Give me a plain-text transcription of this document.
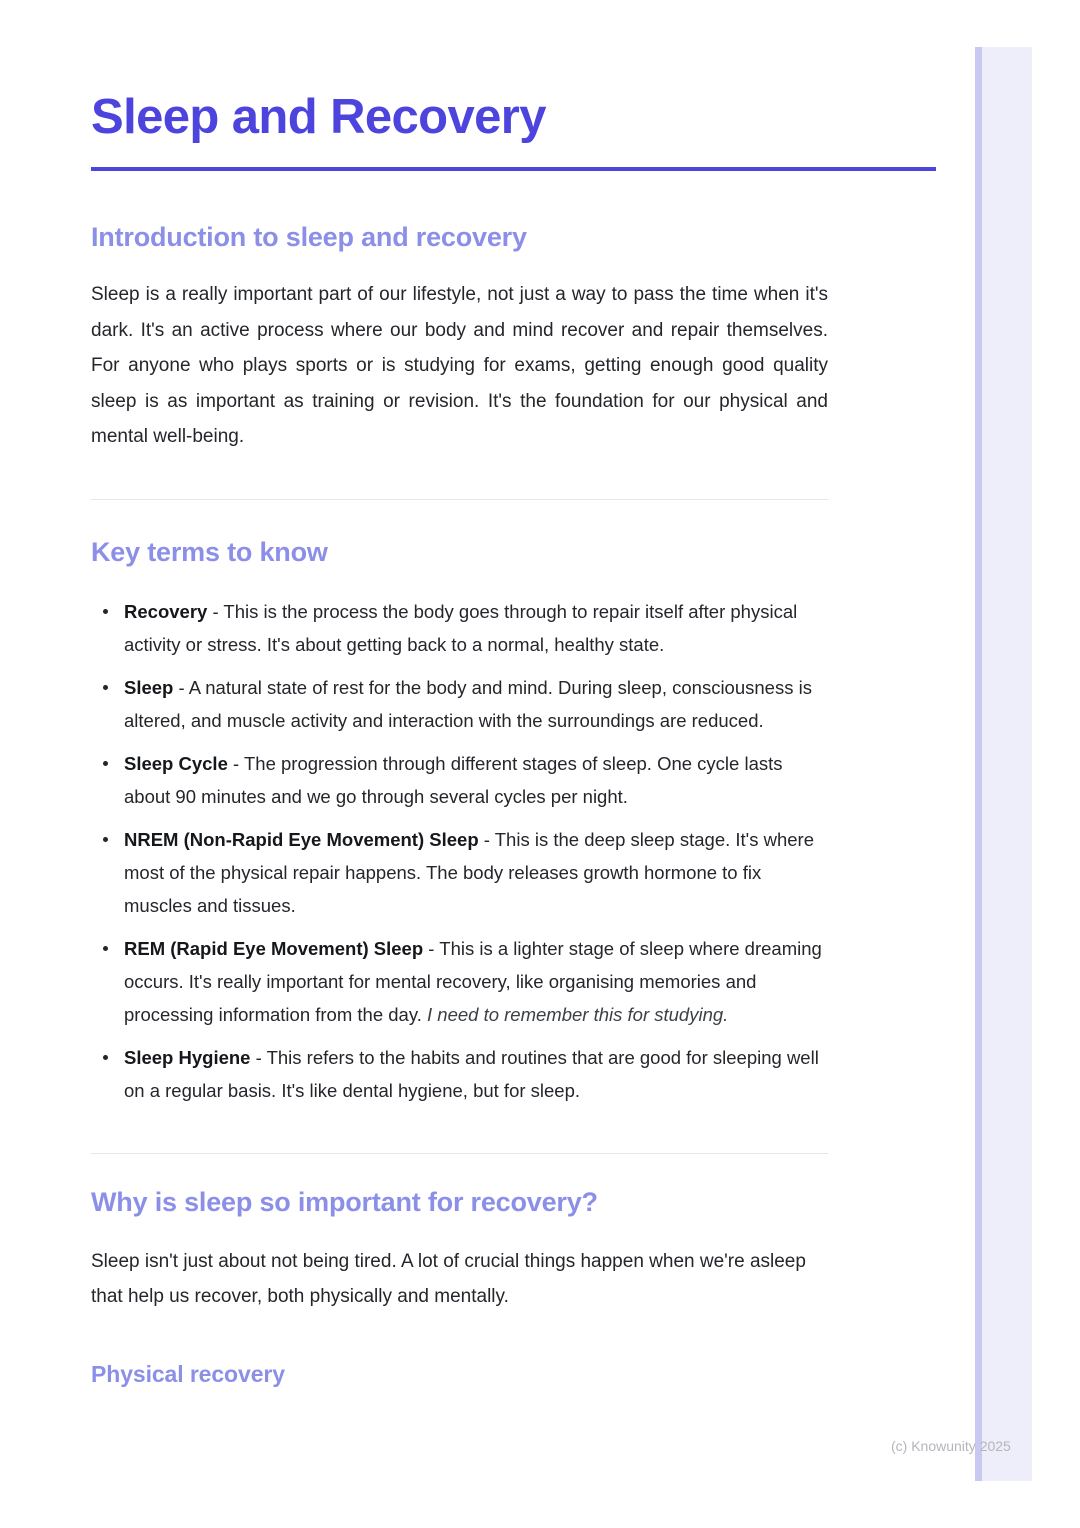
Sleep and Recovery
Introduction to sleep and recovery

Sleep is a really important part of our lifestyle, not just a way to pass the time when it's dark. It's an active process where our body and mind recover and repair themselves. For anyone who plays sports or is studying for exams, getting enough good quality sleep is as important as training or revision. It's the foundation for our physical and mental well-being.

Key terms to know
Recovery - This is the process the body goes through to repair itself after physical activity or stress. It's about getting back to a normal, healthy state.
Sleep - A natural state of rest for the body and mind. During sleep, consciousness is altered, and muscle activity and interaction with the surroundings are reduced.
Sleep Cycle - The progression through different stages of sleep. One cycle lasts about 90 minutes and we go through several cycles per night.
NREM (Non-Rapid Eye Movement) Sleep - This is the deep sleep stage. It's where most of the physical repair happens. The body releases growth hormone to fix muscles and tissues.
REM (Rapid Eye Movement) Sleep - This is a lighter stage of sleep where dreaming occurs. It's really important for mental recovery, like organising memories and processing information from the day. I need to remember this for studying.
Sleep Hygiene - This refers to the habits and routines that are good for sleeping well on a regular basis. It's like dental hygiene, but for sleep.
Why is sleep so important for recovery?

Sleep isn't just about not being tired. A lot of crucial things happen when we're asleep that help us recover, both physically and mentally.

Physical recovery
(c) Knowunity 2025
